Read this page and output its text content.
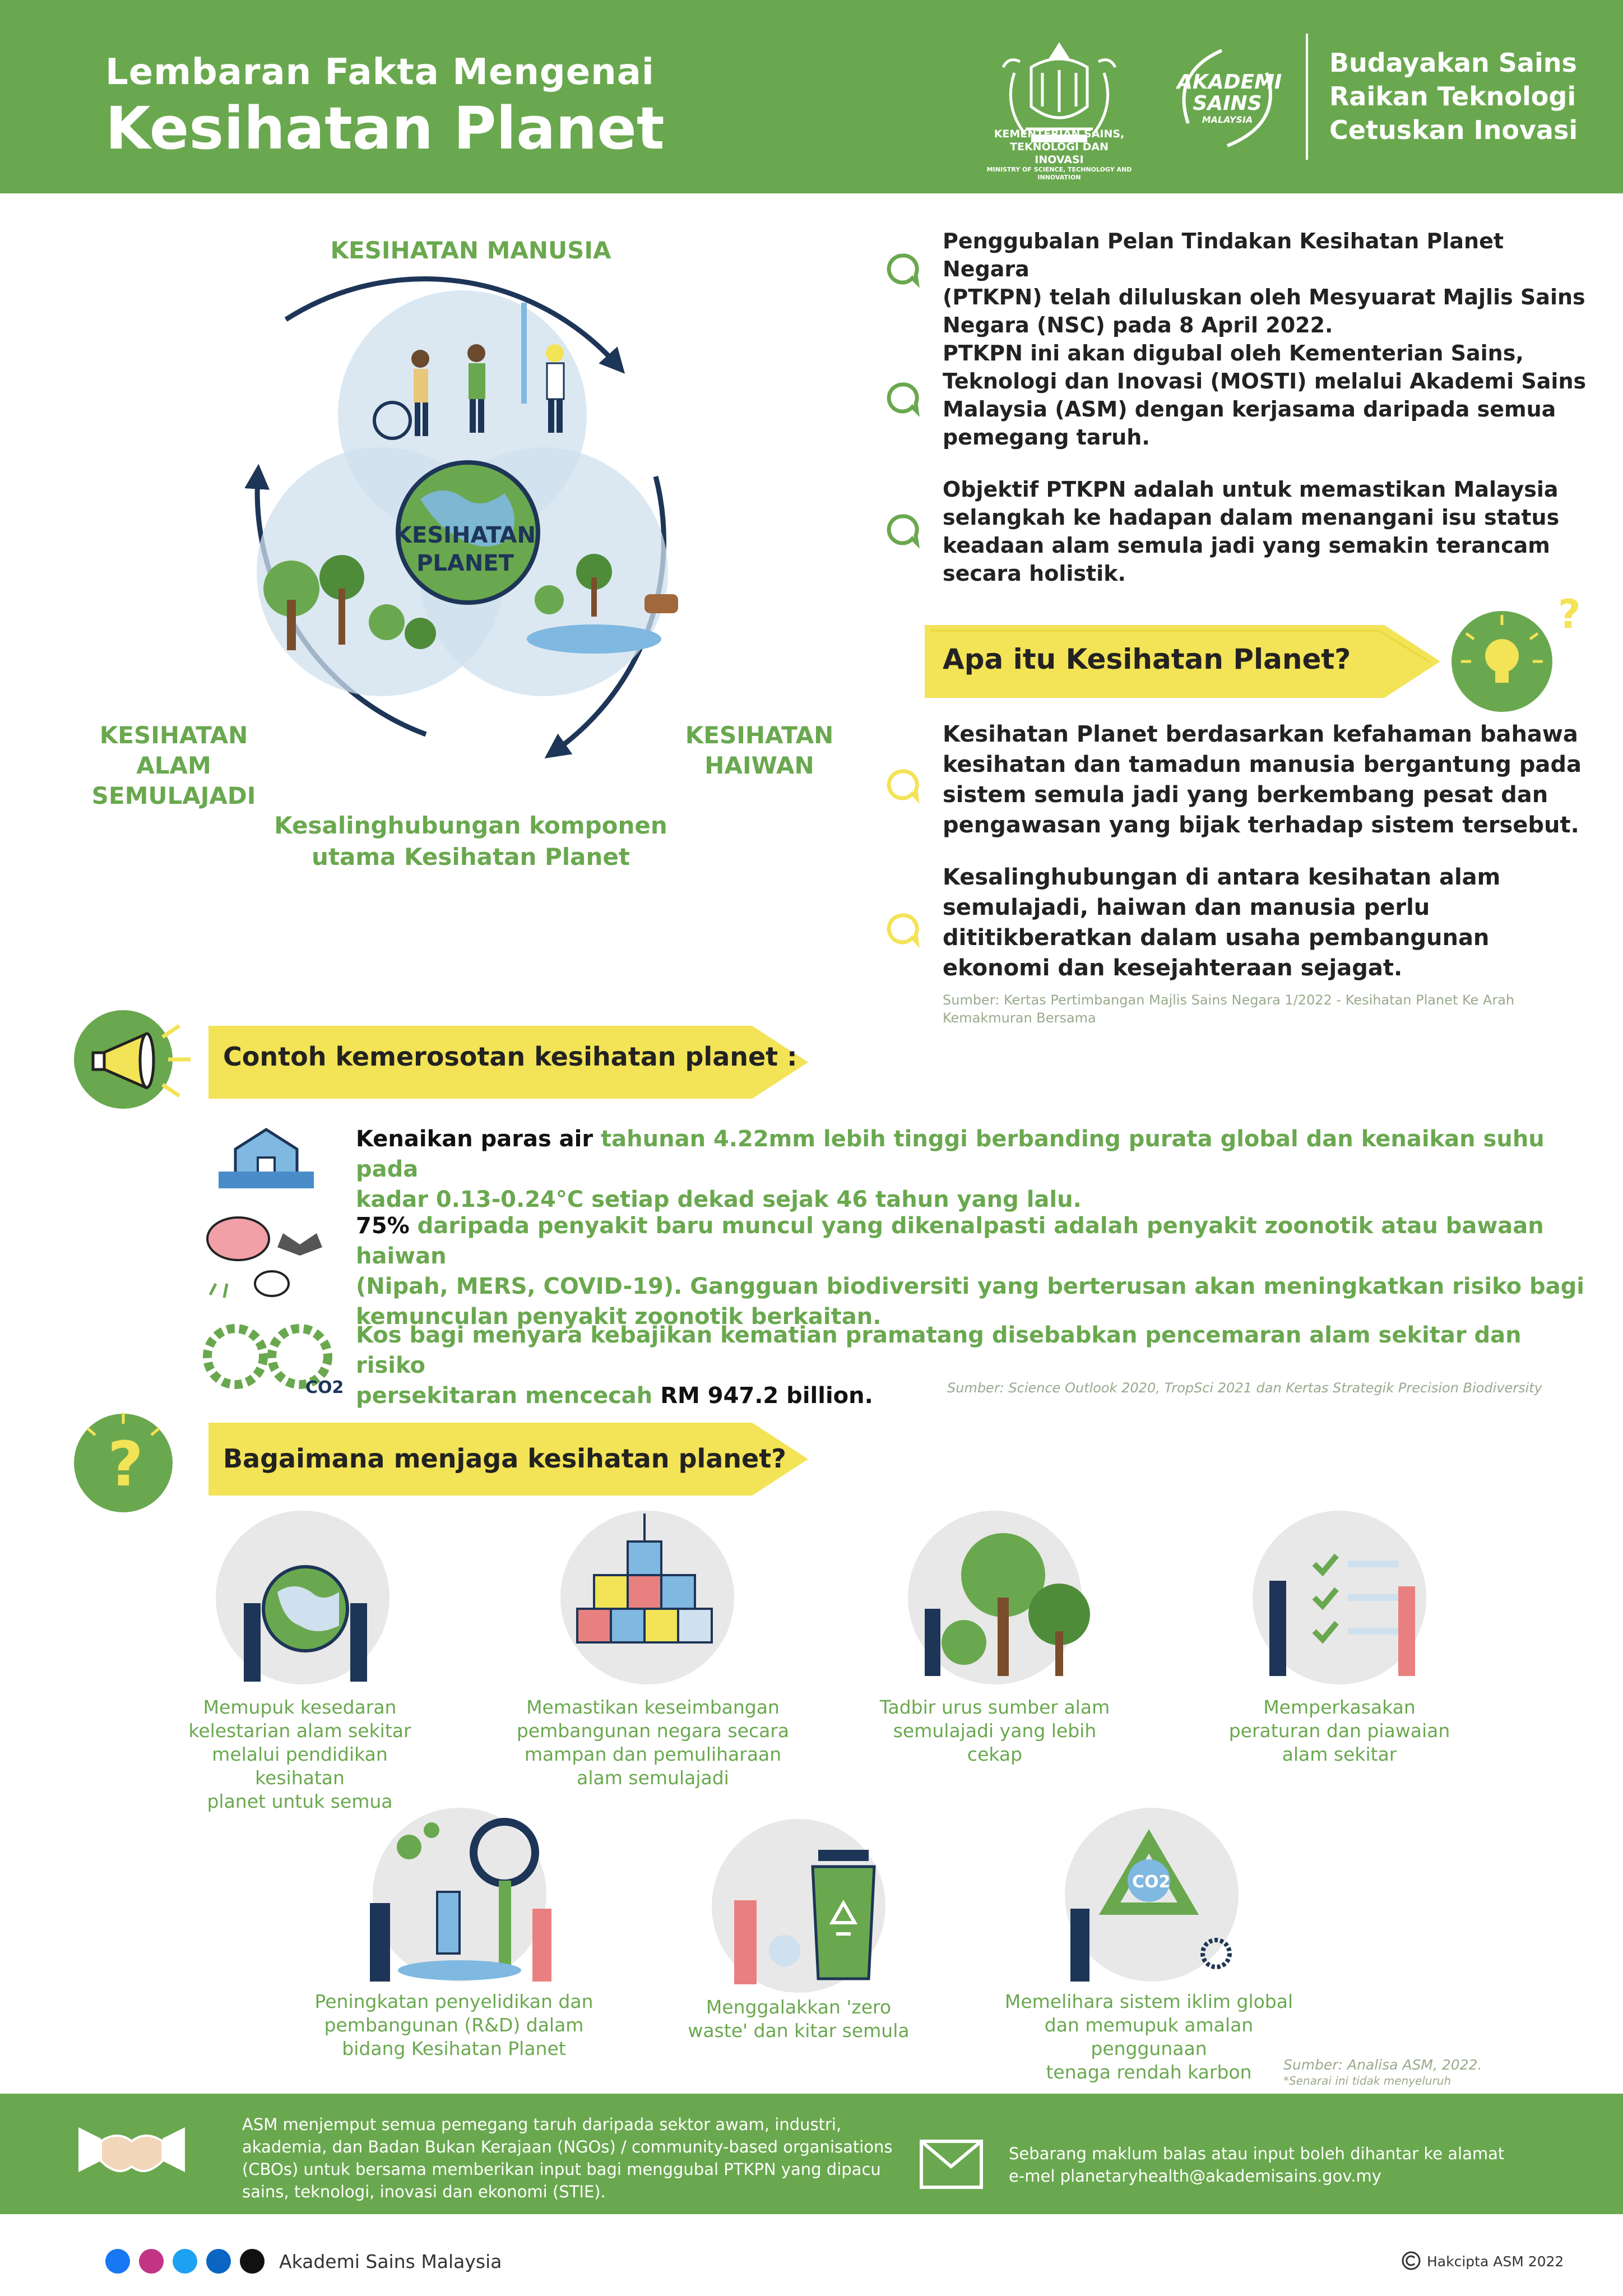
Lembaran Fakta Mengenai
Kesihatan Planet	KEMENTERIAN SAINS, TEKNOLOGI DAN INOVASI
MINISTRY OF SCIENCE, TECHNOLOGY AND INNOVATION
AKADEMI
SAINS
MALAYSIA
Budayakan Sains
Raikan Teknologi
Cetuskan Inovasi
KESIHATAN MANUSIA
KESIHATAN
PLANET
KESIHATAN
ALAM SEMULAJADI
KESIHATAN
HAIWAN
Kesalinghubungan komponen
utama Kesihatan Planet
Penggubalan Pelan Tindakan Kesihatan Planet Negara
(PTKPN) telah diluluskan oleh Mesyuarat Majlis Sains
Negara (NSC) pada 8 April 2022.
PTKPN ini akan digubal oleh Kementerian Sains,
Teknologi dan Inovasi (MOSTI) melalui Akademi Sains
Malaysia (ASM) dengan kerjasama daripada semua
pemegang taruh.
Objektif PTKPN adalah untuk memastikan Malaysia
selangkah ke hadapan dalam menangani isu status
keadaan alam semula jadi yang semakin terancam
secara holistik.
Apa itu Kesihatan Planet?
?
Kesihatan Planet berdasarkan kefahaman bahawa
kesihatan dan tamadun manusia bergantung pada
sistem semula jadi yang berkembang pesat dan
pengawasan yang bijak terhadap sistem tersebut.
Kesalinghubungan di antara kesihatan alam
semulajadi, haiwan dan manusia perlu
dititikberatkan dalam usaha pembangunan
ekonomi dan kesejahteraan sejagat.
Sumber: Kertas Pertimbangan Majlis Sains Negara 1/2022 - Kesihatan Planet Ke Arah
Kemakmuran Bersama
Contoh kemerosotan kesihatan planet :
Kenaikan paras air tahunan 4.22mm lebih tinggi berbanding purata global dan kenaikan suhu pada
kadar 0.13-0.24°C setiap dekad sejak 46 tahun yang lalu.
75% daripada penyakit baru muncul yang dikenalpasti adalah penyakit zoonotik atau bawaan haiwan
(Nipah, MERS, COVID-19). Gangguan biodiversiti yang berterusan akan meningkatkan risiko bagi
kemunculan penyakit zoonotik berkaitan.
CO2
Kos bagi menyara kebajikan kematian pramatang disebabkan pencemaran alam sekitar dan risiko
persekitaran mencecah RM 947.2 billion.	Sumber: Science Outlook 2020, TropSci 2021 dan Kertas Strategik Precision Biodiversity
?	Bagaimana menjaga kesihatan planet?
Memupuk kesedaran
kelestarian alam sekitar
melalui pendidikan kesihatan
planet untuk semua
Memastikan keseimbangan
pembangunan negara secara
mampan dan pemuliharaan
alam semulajadi
Tadbir urus sumber alam
semulajadi yang lebih
cekap
Memperkasakan
peraturan dan piawaian
alam sekitar
Peningkatan penyelidikan dan
pembangunan (R&D) dalam
bidang Kesihatan Planet
Menggalakkan 'zero
waste' dan kitar semula
CO2
Memelihara sistem iklim global
dan memupuk amalan penggunaan
tenaga rendah karbon	Sumber: Analisa ASM, 2022.
*Senarai ini tidak menyeluruh
ASM menjemput semua pemegang taruh daripada sektor awam, industri,
akademia, dan Badan Bukan Kerajaan (NGOs) / community-based organisations
(CBOs) untuk bersama memberikan input bagi menggubal PTKPN yang dipacu
sains, teknologi, inovasi dan ekonomi (STIE).
Sebarang maklum balas atau input boleh dihantar ke alamat
e-mel planetaryhealth@akademisains.gov.my
Akademi Sains Malaysia	Hakcipta ASM 2022
